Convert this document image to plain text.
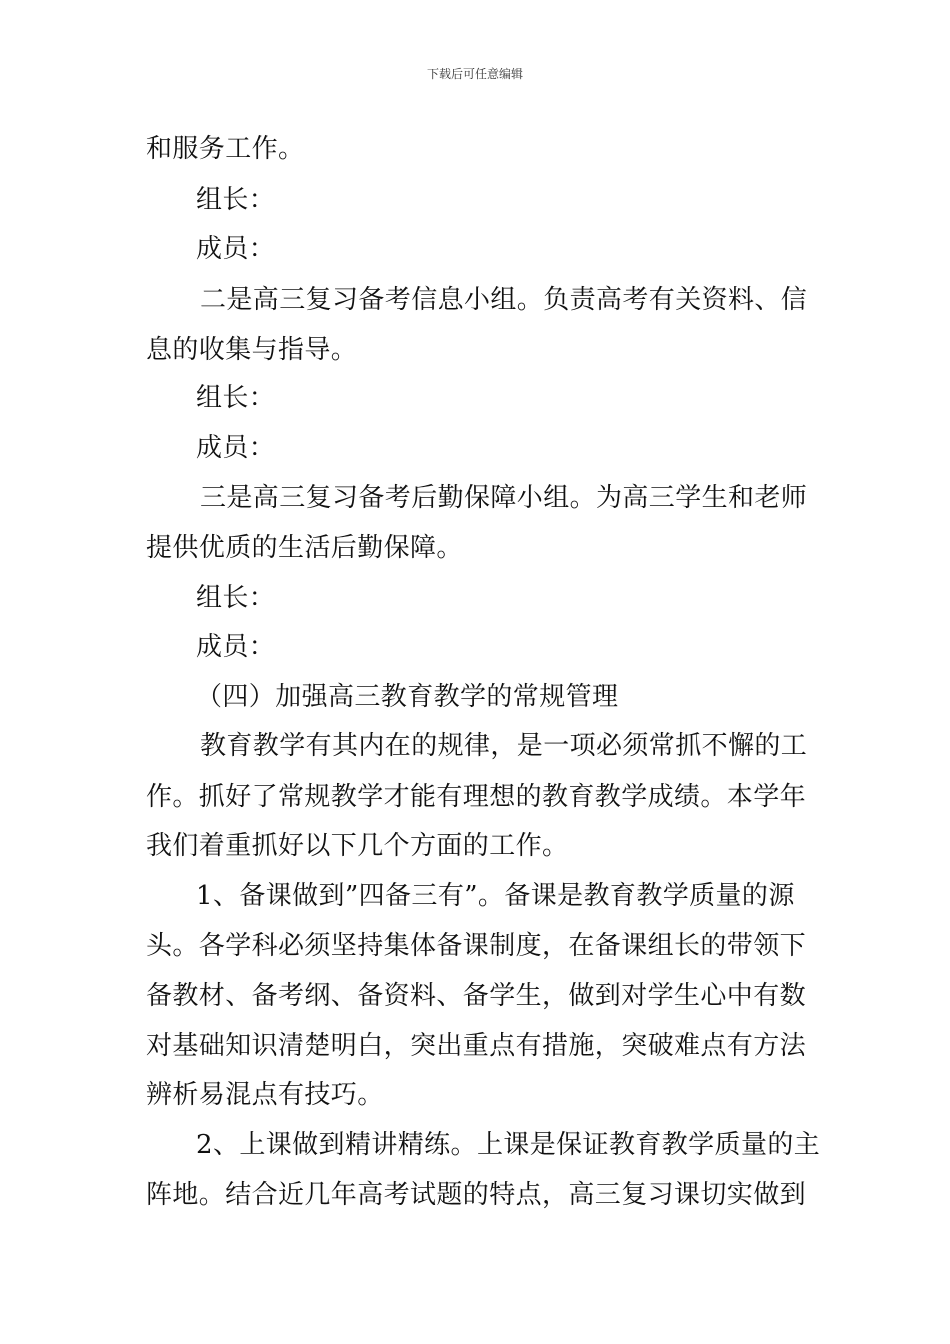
下载后可任意编辑
和服务工作。
组长：
成员：
二是高三复习备考信息小组。负责高考有关资料、信
息的收集与指导。
组长：
成员：
三是高三复习备考后勤保障小组。为高三学生和老师
提供优质的生活后勤保障。
组长：
成员：
（四）加强高三教育教学的常规管理
教育教学有其内在的规律，是一项必须常抓不懈的工
作。抓好了常规教学才能有理想的教育教学成绩。本学年
我们着重抓好以下几个方面的工作。
1、备课做到”四备三有”。备课是教育教学质量的源
头。各学科必须坚持集体备课制度，在备课组长的带领下
备教材、备考纲、备资料、备学生，做到对学生心中有数
对基础知识清楚明白，突出重点有措施，突破难点有方法
辨析易混点有技巧。
2、上课做到精讲精练。上课是保证教育教学质量的主
阵地。结合近几年高考试题的特点，高三复习课切实做到
